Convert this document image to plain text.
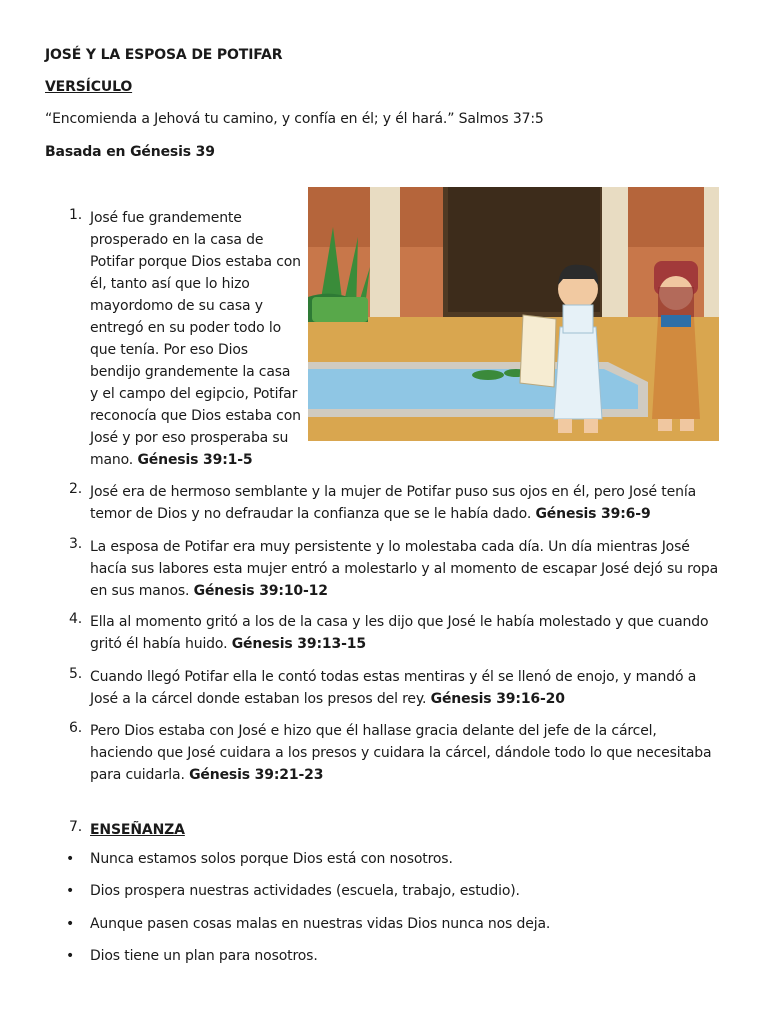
JOSÉ Y LA ESPOSA DE POTIFAR

VERSÍCULO

“Encomienda a Jehová tu camino, y confía en él; y él hará.” Salmos 37:5

Basada en Génesis 39

1. José fue grandemente prosperado en la casa de Potifar porque Dios estaba con él, tanto así que lo hizo mayordomo de su casa y entregó en su poder todo lo que tenía. Por eso Dios bendijo grandemente la casa y el campo del egipcio, Potifar reconocía que Dios estaba con José y por eso prosperaba su mano. Génesis 39:1-5
2. José era de hermoso semblante y la mujer de Potifar puso sus ojos en él, pero José tenía temor de Dios y no defraudar la confianza que se le había dado. Génesis 39:6-9
3. La esposa de Potifar era muy persistente y lo molestaba cada día. Un día mientras José hacía sus labores esta mujer entró a molestarlo y al momento de escapar José dejó su ropa en sus manos. Génesis 39:10-12
4. Ella al momento gritó a los de la casa y les dijo que José le había molestado y que cuando gritó él había huido. Génesis 39:13-15
5. Cuando llegó Potifar ella le contó todas estas mentiras y él se llenó de enojo, y mandó a José a la cárcel donde estaban los presos del rey. Génesis 39:16-20
6. Pero Dios estaba con José e hizo que él hallase gracia delante del jefe de la cárcel, haciendo que José cuidara a los presos y cuidara la cárcel, dándole todo lo que necesitaba para cuidarla. Génesis 39:21-23
7. ENSEÑANZA
• Nunca estamos solos porque Dios está con nosotros.
• Dios prospera nuestras actividades (escuela, trabajo, estudio).
• Aunque pasen cosas malas en nuestras vidas Dios nunca nos deja.
• Dios tiene un plan para nosotros.
